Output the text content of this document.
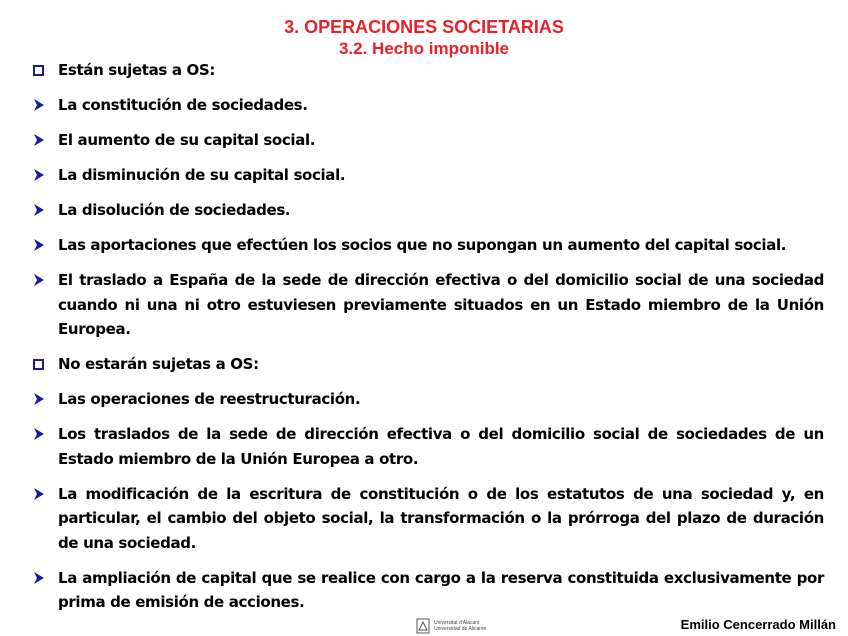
3. OPERACIONES SOCIETARIAS
3.2. Hecho imponible
Están sujetas a OS:
La constitución de sociedades.
El aumento de su capital social.
La disminución de su capital social.
La disolución de sociedades.
Las aportaciones que efectúen los socios que no supongan un aumento del capital social.
El traslado a España de la sede de dirección efectiva o del domicilio social de una sociedad cuando ni una ni otro estuviesen previamente situados en un Estado miembro de la Unión Europea.
No estarán sujetas a OS:
Las operaciones de reestructuración.
Los traslados de la sede de dirección efectiva o del domicilio social de sociedades de un Estado miembro de la Unión Europea a otro.
La modificación de la escritura de constitución o de los estatutos de una sociedad y, en particular, el cambio del objeto social, la transformación o la prórroga del plazo de duración de una sociedad.
La ampliación de capital que se realice con cargo a la reserva constituida exclusivamente por prima de emisión de acciones.
Universitat d'Alacant
Universidad de Alicante	Emilio Cencerrado Millán
